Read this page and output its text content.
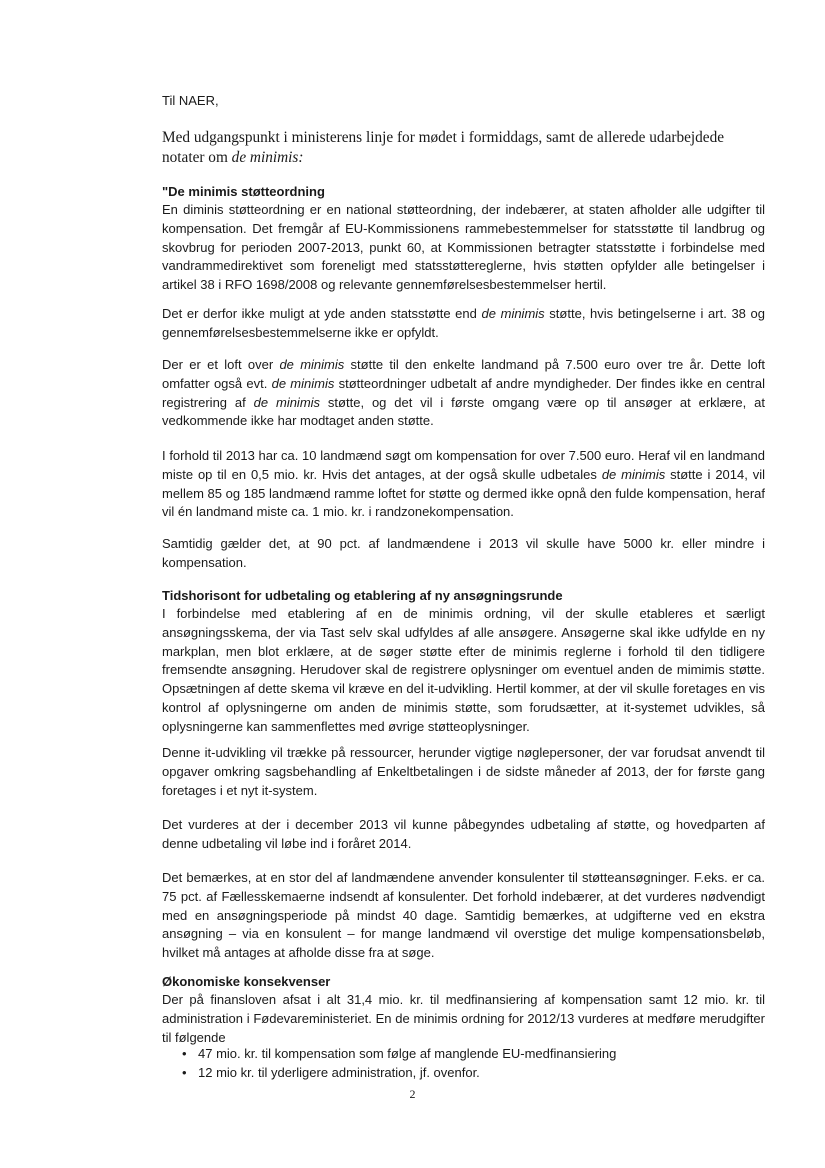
Til NAER,

Med udgangspunkt i ministerens linje for mødet i formiddags, samt de allerede udarbejdede notater om de minimis:

"De minimis støtteordning

En diminis støtteordning er en national støtteordning, der indebærer, at staten afholder alle udgifter til kompensation. Det fremgår af EU-Kommissionens rammebestemmelser for statsstøtte til landbrug og skovbrug for perioden 2007-2013, punkt 60, at Kommissionen betragter statsstøtte i forbindelse med vandrammedirektivet som foreneligt med statsstøttereglerne, hvis støtten opfylder alle betingelser i artikel 38 i RFO 1698/2008 og relevante gennemførelsesbestemmelser hertil.

Det er derfor ikke muligt at yde anden statsstøtte end de minimis støtte, hvis betingelserne i art. 38 og gennemførelsesbestemmelserne ikke er opfyldt.

Der er et loft over de minimis støtte til den enkelte landmand på 7.500 euro over tre år. Dette loft omfatter også evt. de minimis støtteordninger udbetalt af andre myndigheder. Der findes ikke en central registrering af de minimis støtte, og det vil i første omgang være op til ansøger at erklære, at vedkommende ikke har modtaget anden støtte.

I forhold til 2013 har ca. 10 landmænd søgt om kompensation for over 7.500 euro. Heraf vil en landmand miste op til en 0,5 mio. kr. Hvis det antages, at der også skulle udbetales de minimis støtte i 2014, vil mellem 85 og 185 landmænd ramme loftet for støtte og dermed ikke opnå den fulde kompensation, heraf vil én landmand miste ca. 1 mio. kr. i randzonekompensation.

Samtidig gælder det, at 90 pct. af landmændene i 2013 vil skulle have 5000 kr. eller mindre i kompensation.

Tidshorisont for udbetaling og etablering af ny ansøgningsrunde

I forbindelse med etablering af en de minimis ordning, vil der skulle etableres et særligt ansøgningsskema, der via Tast selv skal udfyldes af alle ansøgere. Ansøgerne skal ikke udfylde en ny markplan, men blot erklære, at de søger støtte efter de minimis reglerne i forhold til den tidligere fremsendte ansøgning. Herudover skal de registrere oplysninger om eventuel anden de mimimis støtte. Opsætningen af dette skema vil kræve en del it-udvikling. Hertil kommer, at der vil skulle foretages en vis kontrol af oplysningerne om anden de minimis støtte, som forudsætter, at it-systemet udvikles, så oplysningerne kan sammenflettes med øvrige støtteoplysninger.

Denne it-udvikling vil trække på ressourcer, herunder vigtige nøglepersoner, der var forudsat anvendt til opgaver omkring sagsbehandling af Enkeltbetalingen i de sidste måneder af 2013, der for første gang foretages i et nyt it-system.

Det vurderes at der i december 2013 vil kunne påbegyndes udbetaling af støtte, og hovedparten af denne udbetaling vil løbe ind i foråret 2014.

Det bemærkes, at en stor del af landmændene anvender konsulenter til støtteansøgninger. F.eks. er ca. 75 pct. af Fællesskemaerne indsendt af konsulenter. Det forhold indebærer, at det vurderes nødvendigt med en ansøgningsperiode på mindst 40 dage. Samtidig bemærkes, at udgifterne ved en ekstra ansøgning – via en konsulent – for mange landmænd vil overstige det mulige kompensationsbeløb, hvilket må antages at afholde disse fra at søge.

Økonomiske konsekvenser

Der på finansloven afsat i alt 31,4 mio. kr. til medfinansiering af kompensation samt 12 mio. kr. til administration i Fødevareministeriet. En de minimis ordning for 2012/13 vurderes at medføre merudgifter til følgende

• 47 mio. kr. til kompensation som følge af manglende EU-medfinansiering
• 12 mio kr. til yderligere administration, jf. ovenfor.
2
